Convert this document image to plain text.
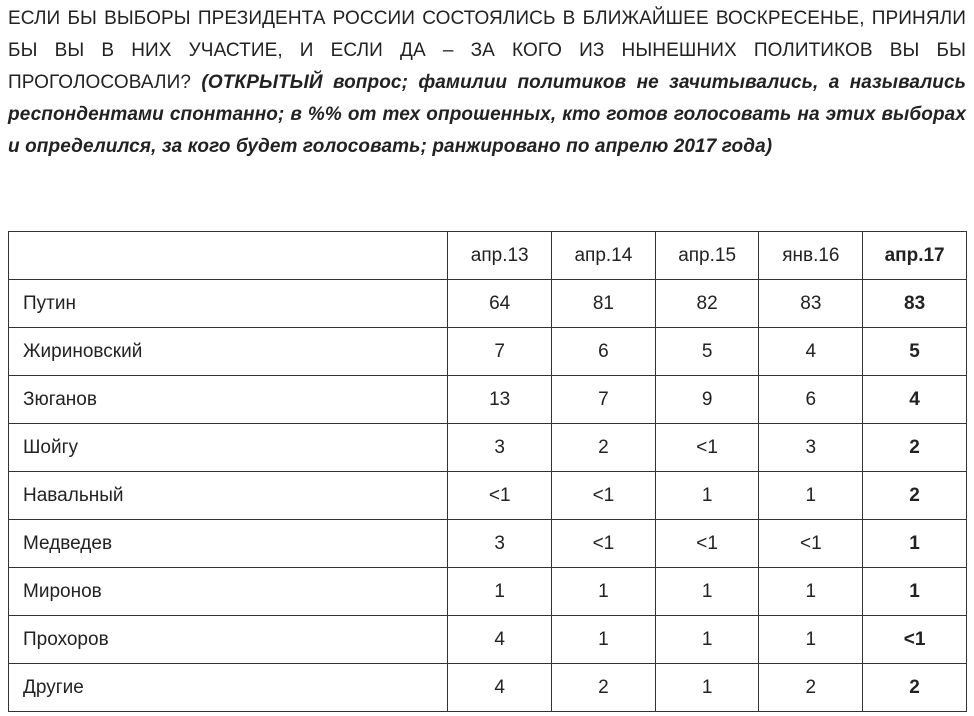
ЕСЛИ БЫ ВЫБОРЫ ПРЕЗИДЕНТА РОССИИ СОСТОЯЛИСЬ В БЛИЖАЙШЕЕ ВОСКРЕСЕНЬЕ, ПРИНЯЛИ БЫ ВЫ В НИХ УЧАСТИЕ, И ЕСЛИ ДА – ЗА КОГО ИЗ НЫНЕШНИХ ПОЛИТИКОВ ВЫ БЫ ПРОГОЛОСОВАЛИ? (ОТКРЫТЫЙ вопрос; фамилии политиков не зачитывались, а назывались респондентами спонтанно; в %% от тех опрошенных, кто готов голосовать на этих выборах и определился, за кого будет голосовать; ранжировано по апрелю 2017 года)

	апр.13	апр.14	апр.15	янв.16	апр.17
Путин	64	81	82	83	83
Жириновский	7	6	5	4	5
Зюганов	13	7	9	6	4
Шойгу	3	2	<1	3	2
Навальный	<1	<1	1	1	2
Медведев	3	<1	<1	<1	1
Миронов	1	1	1	1	1
Прохоров	4	1	1	1	<1
Другие	4	2	1	2	2
